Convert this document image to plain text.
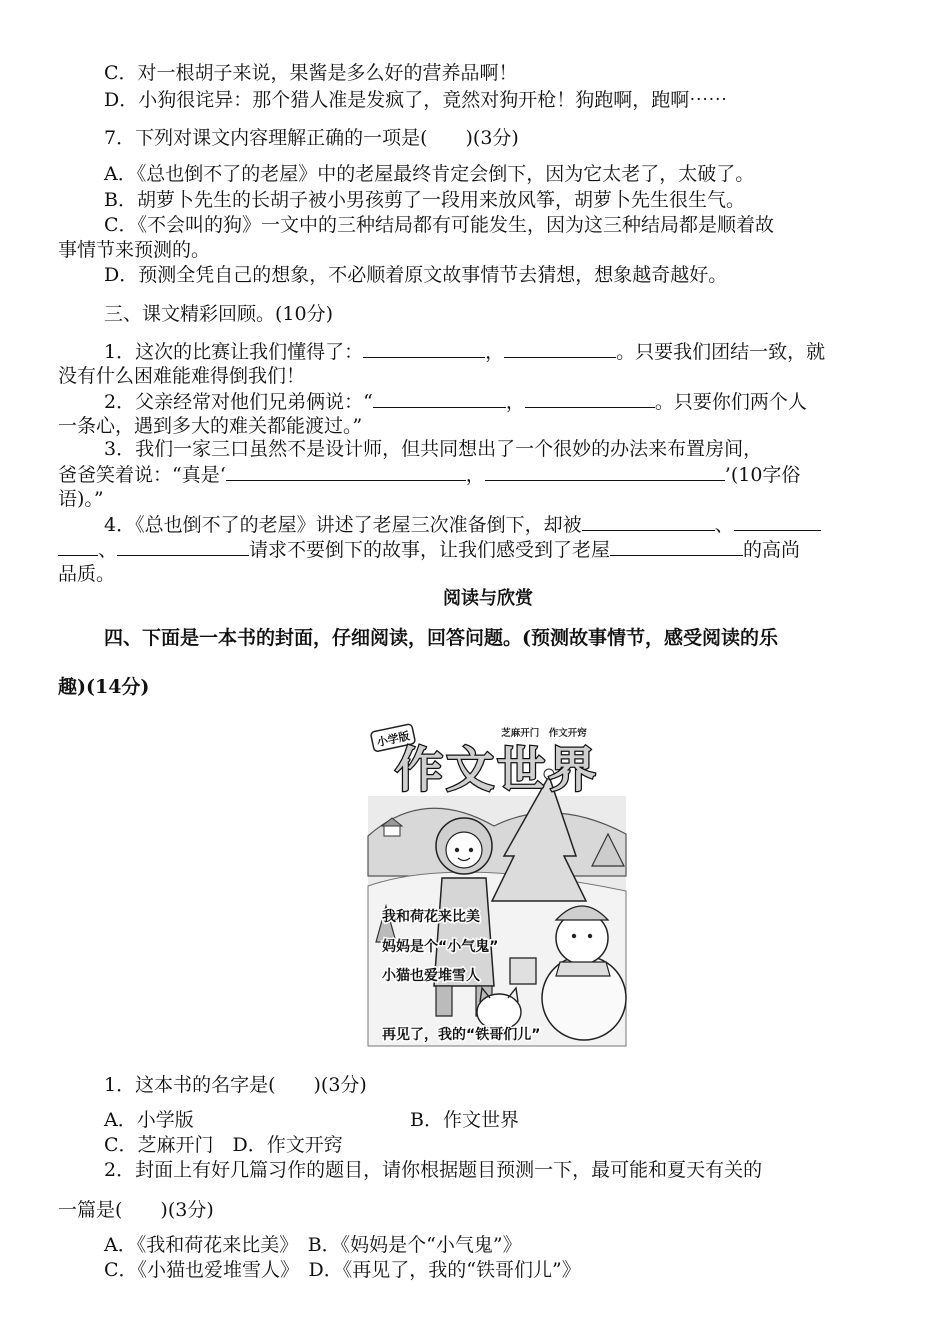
C．对一根胡子来说，果酱是多么好的营养品啊！
D．小狗很诧异：那个猎人准是发疯了，竟然对狗开枪！狗跑啊，跑啊⋯⋯
7．下列对课文内容理解正确的一项是(　　)(3分)
A．《总也倒不了的老屋》中的老屋最终肯定会倒下，因为它太老了，太破了。
B．胡萝卜先生的长胡子被小男孩剪了一段用来放风筝，胡萝卜先生很生气。
C．《不会叫的狗》一文中的三种结局都有可能发生，因为这三种结局都是顺着故
事情节来预测的。
D．预测全凭自己的想象，不必顺着原文故事情节去猜想，想象越奇越好。
三、课文精彩回顾。(10分)
1．这次的比赛让我们懂得了：	，	。只要我们团结一致，就
没有什么困难能难得倒我们！
2．父亲经常对他们兄弟俩说：“	，	。只要你们两个人
一条心，遇到多大的难关都能渡过。”
3．我们一家三口虽然不是设计师，但共同想出了一个很妙的办法来布置房间，
爸爸笑着说：“真是‘	，	’(10字俗
语)。”
4．《总也倒不了的老屋》讲述了老屋三次准备倒下，却被	、
、	请求不要倒下的故事，让我们感受到了老屋	的高尚
品质。
阅读与欣赏
四、下面是一本书的封面，仔细阅读，回答问题。(预测故事情节，感受阅读的乐
趣)(14分)
小学版	芝麻开门　作文开窍
作文世界
我和荷花来比美
妈妈是个“小气鬼”
小猫也爱堆雪人
再见了，我的“铁哥们儿”
1．这本书的名字是(　　)(3分)
A．小学版	B．作文世界
C．芝麻开门　D．作文开窍
2．封面上有好几篇习作的题目，请你根据题目预测一下，最可能和夏天有关的
一篇是(　　)(3分)
A．《我和荷花来比美》　B．《妈妈是个“小气鬼”》
C．《小猫也爱堆雪人》　D．《再见了，我的“铁哥们儿”》
